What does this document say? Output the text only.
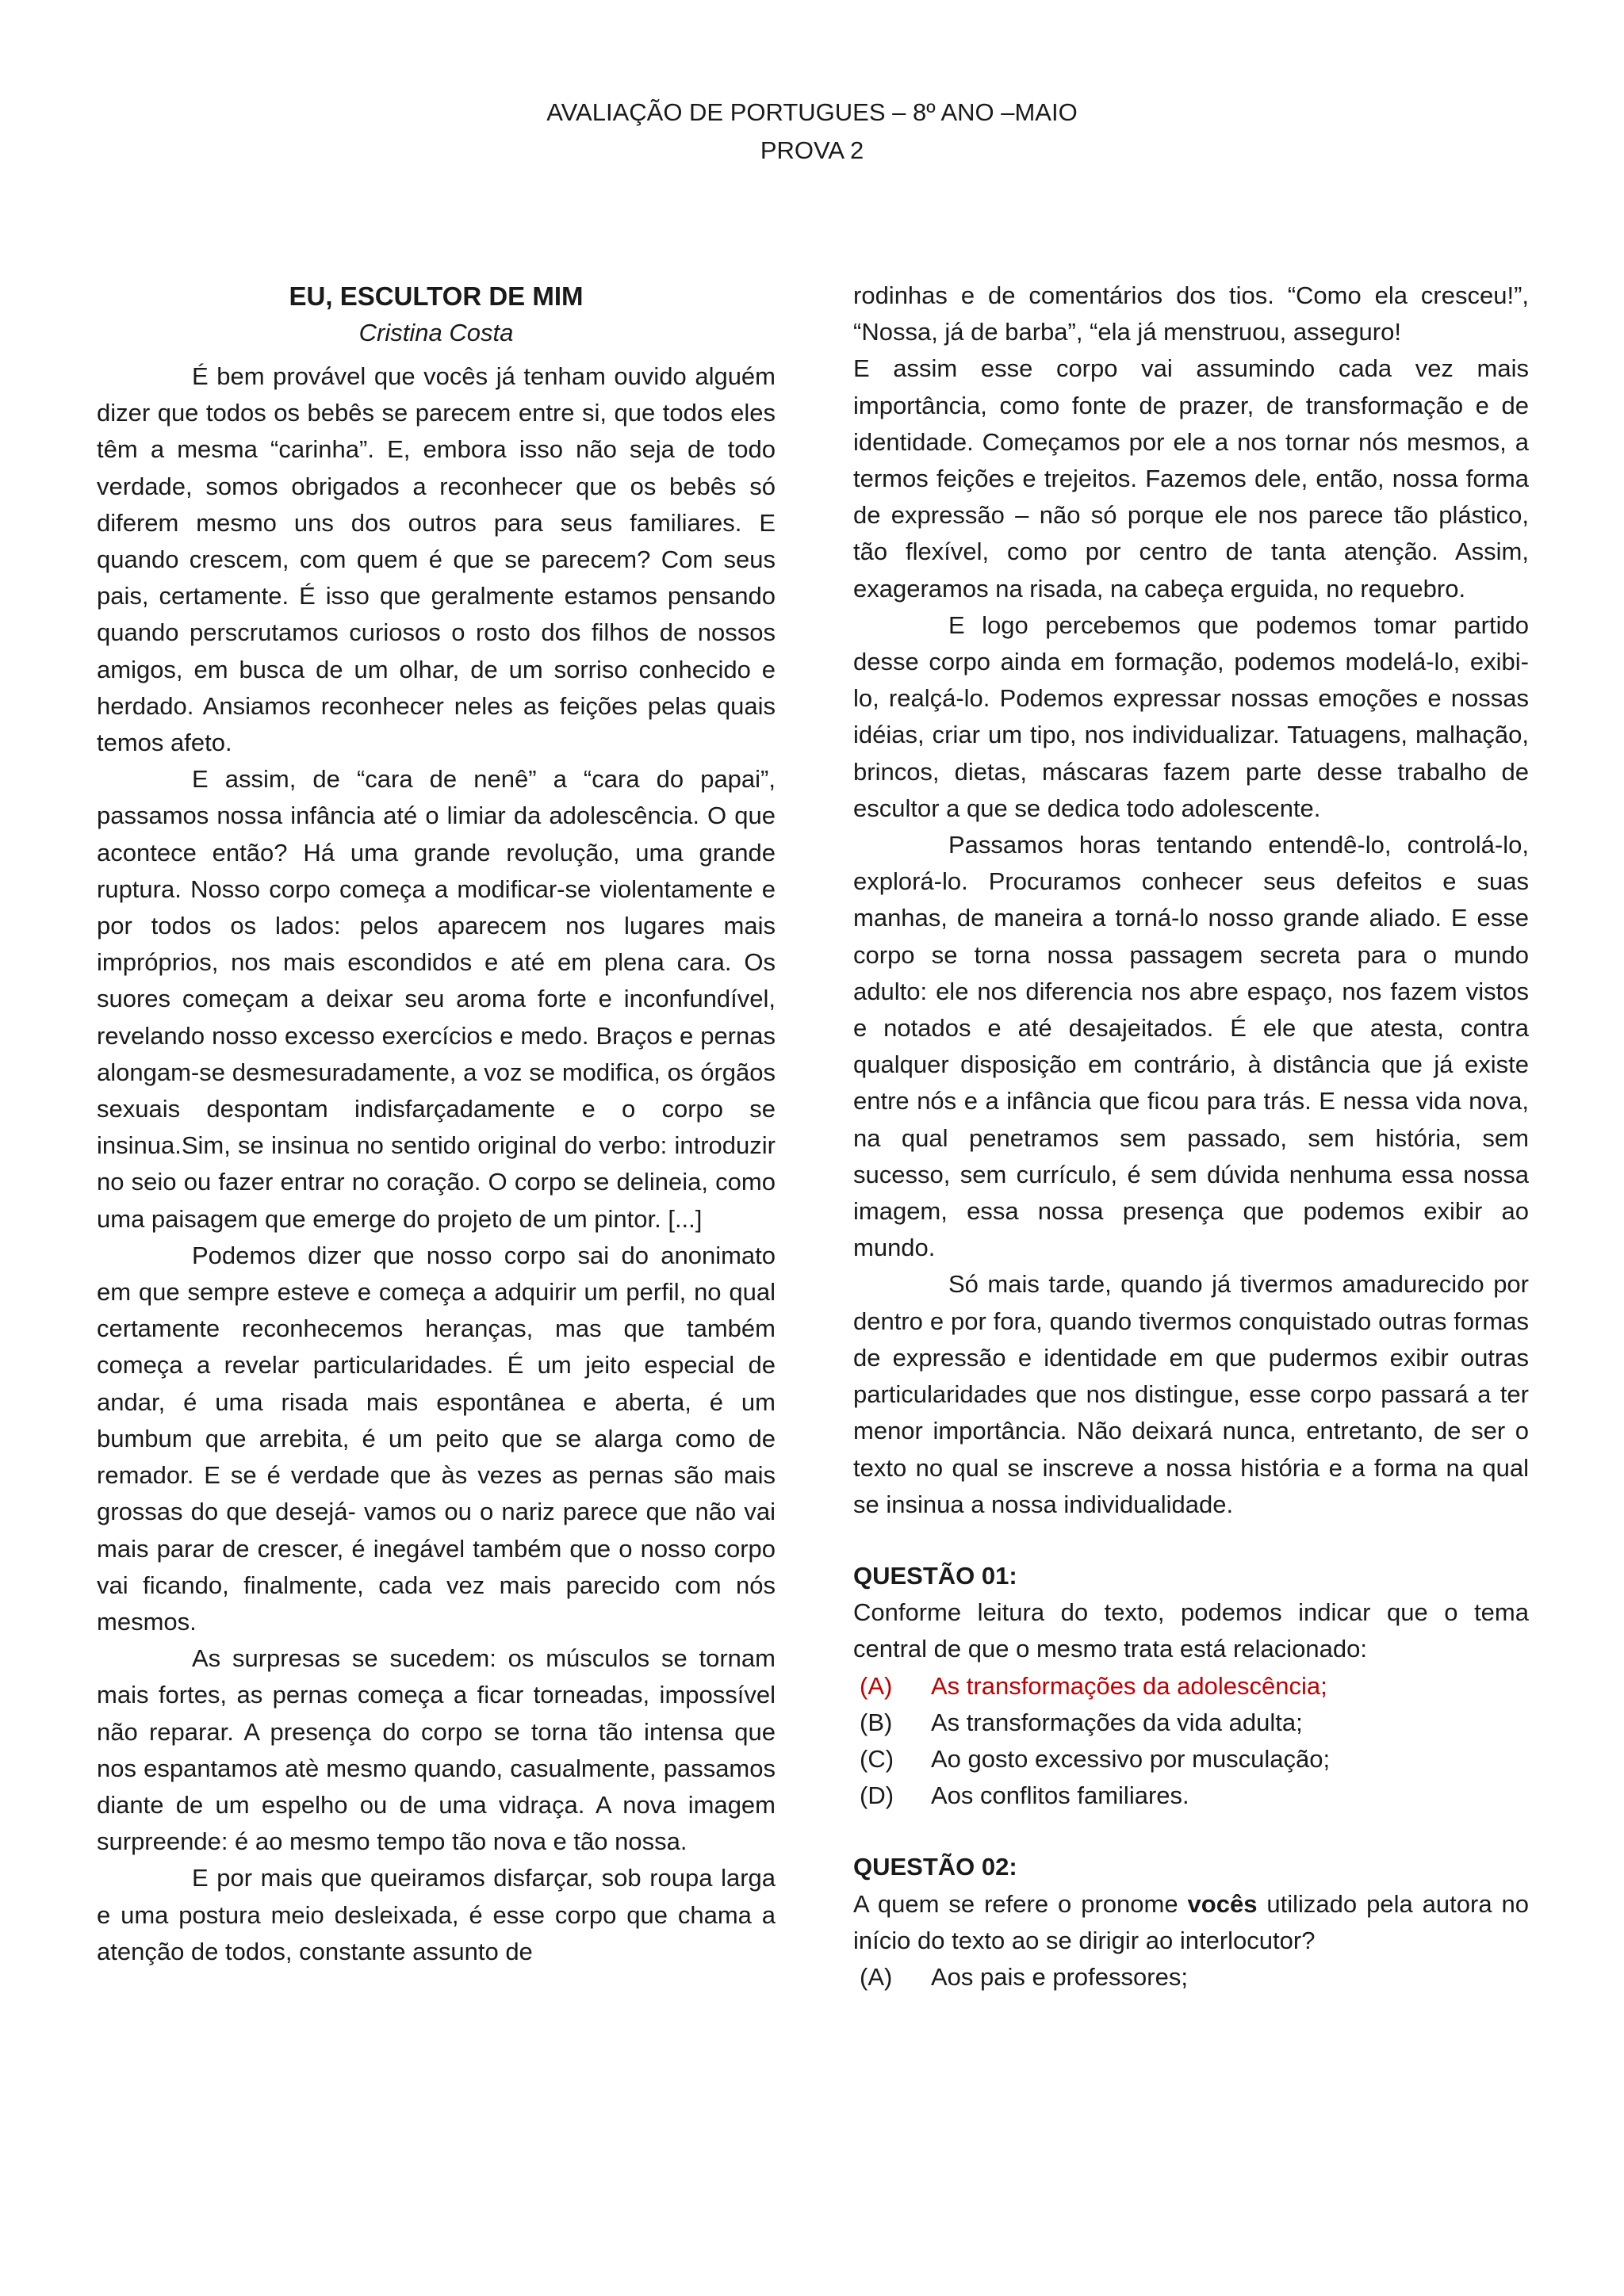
AVALIAÇÃO DE PORTUGUES – 8º ANO –MAIO
PROVA 2
EU, ESCULTOR DE MIM
Cristina Costa

É bem provável que vocês já tenham ouvido alguém dizer que todos os bebês se parecem entre si, que todos eles têm a mesma “carinha”. E, embora isso não seja de todo verdade, somos obrigados a reconhecer que os bebês só diferem mesmo uns dos outros para seus familiares. E quando crescem, com quem é que se parecem? Com seus pais, certamente. É isso que geralmente estamos pensando quando perscrutamos curiosos o rosto dos filhos de nossos amigos, em busca de um olhar, de um sorriso conhecido e herdado. Ansiamos reconhecer neles as feições pelas quais temos afeto.

E assim, de “cara de nenê” a “cara do papai”, passamos nossa infância até o limiar da adolescência. O que acontece então? Há uma grande revolução, uma grande ruptura. Nosso corpo começa a modificar-se violentamente e por todos os lados: pelos aparecem nos lugares mais impróprios, nos mais escondidos e até em plena cara. Os suores começam a deixar seu aroma forte e inconfundível, revelando nosso excesso exercícios e medo. Braços e pernas alongam-se desmesuradamente, a voz se modifica, os órgãos sexuais despontam indisfarçadamente e o corpo se insinua.Sim, se insinua no sentido original do verbo: introduzir no seio ou fazer entrar no coração. O corpo se delineia, como uma paisagem que emerge do projeto de um pintor. [...]

Podemos dizer que nosso corpo sai do anonimato em que sempre esteve e começa a adquirir um perfil, no qual certamente reconhecemos heranças, mas que também começa a revelar particularidades. É um jeito especial de andar, é uma risada mais espontânea e aberta, é um bumbum que arrebita, é um peito que se alarga como de remador. E se é verdade que às vezes as pernas são mais grossas do que desejá- vamos ou o nariz parece que não vai mais parar de crescer, é inegável também que o nosso corpo vai ficando, finalmente, cada vez mais parecido com nós mesmos.

As surpresas se sucedem: os músculos se tornam mais fortes, as pernas começa a ficar torneadas, impossível não reparar. A presença do corpo se torna tão intensa que nos espantamos atè mesmo quando, casualmente, passamos diante de um espelho ou de uma vidraça. A nova imagem surpreende: é ao mesmo tempo tão nova e tão nossa.

E por mais que queiramos disfarçar, sob roupa larga e uma postura meio desleixada, é esse corpo que chama a atenção de todos, constante assunto de

rodinhas e de comentários dos tios. “Como ela cresceu!”, “Nossa, já de barba”, “ela já menstruou, asseguro!

E assim esse corpo vai assumindo cada vez mais importância, como fonte de prazer, de transformação e de identidade. Começamos por ele a nos tornar nós mesmos, a termos feições e trejeitos. Fazemos dele, então, nossa forma de expressão – não só porque ele nos parece tão plástico, tão flexível, como por centro de tanta atenção. Assim, exageramos na risada, na cabeça erguida, no requebro.

E logo percebemos que podemos tomar partido desse corpo ainda em formação, podemos modelá-lo, exibi-lo, realçá-lo. Podemos expressar nossas emoções e nossas idéias, criar um tipo, nos individualizar. Tatuagens, malhação, brincos, dietas, máscaras fazem parte desse trabalho de escultor a que se dedica todo adolescente.

Passamos horas tentando entendê-lo, controlá-lo, explorá-lo. Procuramos conhecer seus defeitos e suas manhas, de maneira a torná-lo nosso grande aliado. E esse corpo se torna nossa passagem secreta para o mundo adulto: ele nos diferencia nos abre espaço, nos fazem vistos e notados e até desajeitados. É ele que atesta, contra qualquer disposição em contrário, à distância que já existe entre nós e a infância que ficou para trás. E nessa vida nova, na qual penetramos sem passado, sem história, sem sucesso, sem currículo, é sem dúvida nenhuma essa nossa imagem, essa nossa presença que podemos exibir ao mundo.

Só mais tarde, quando já tivermos amadurecido por dentro e por fora, quando tivermos conquistado outras formas de expressão e identidade em que pudermos exibir outras particularidades que nos distingue, esse corpo passará a ter menor importância. Não deixará nunca, entretanto, de ser o texto no qual se inscreve a nossa história e a forma na qual se insinua a nossa individualidade.

QUESTÃO 01:

Conforme leitura do texto, podemos indicar que o tema central de que o mesmo trata está relacionado:

(A)	As transformações da adolescência;
(B)	As transformações da vida adulta;
(C)	Ao gosto excessivo por musculação;
(D)	Aos conflitos familiares.
QUESTÃO 02:

A quem se refere o pronome vocês utilizado pela autora no início do texto ao se dirigir ao interlocutor?

(A)	Aos pais e professores;
